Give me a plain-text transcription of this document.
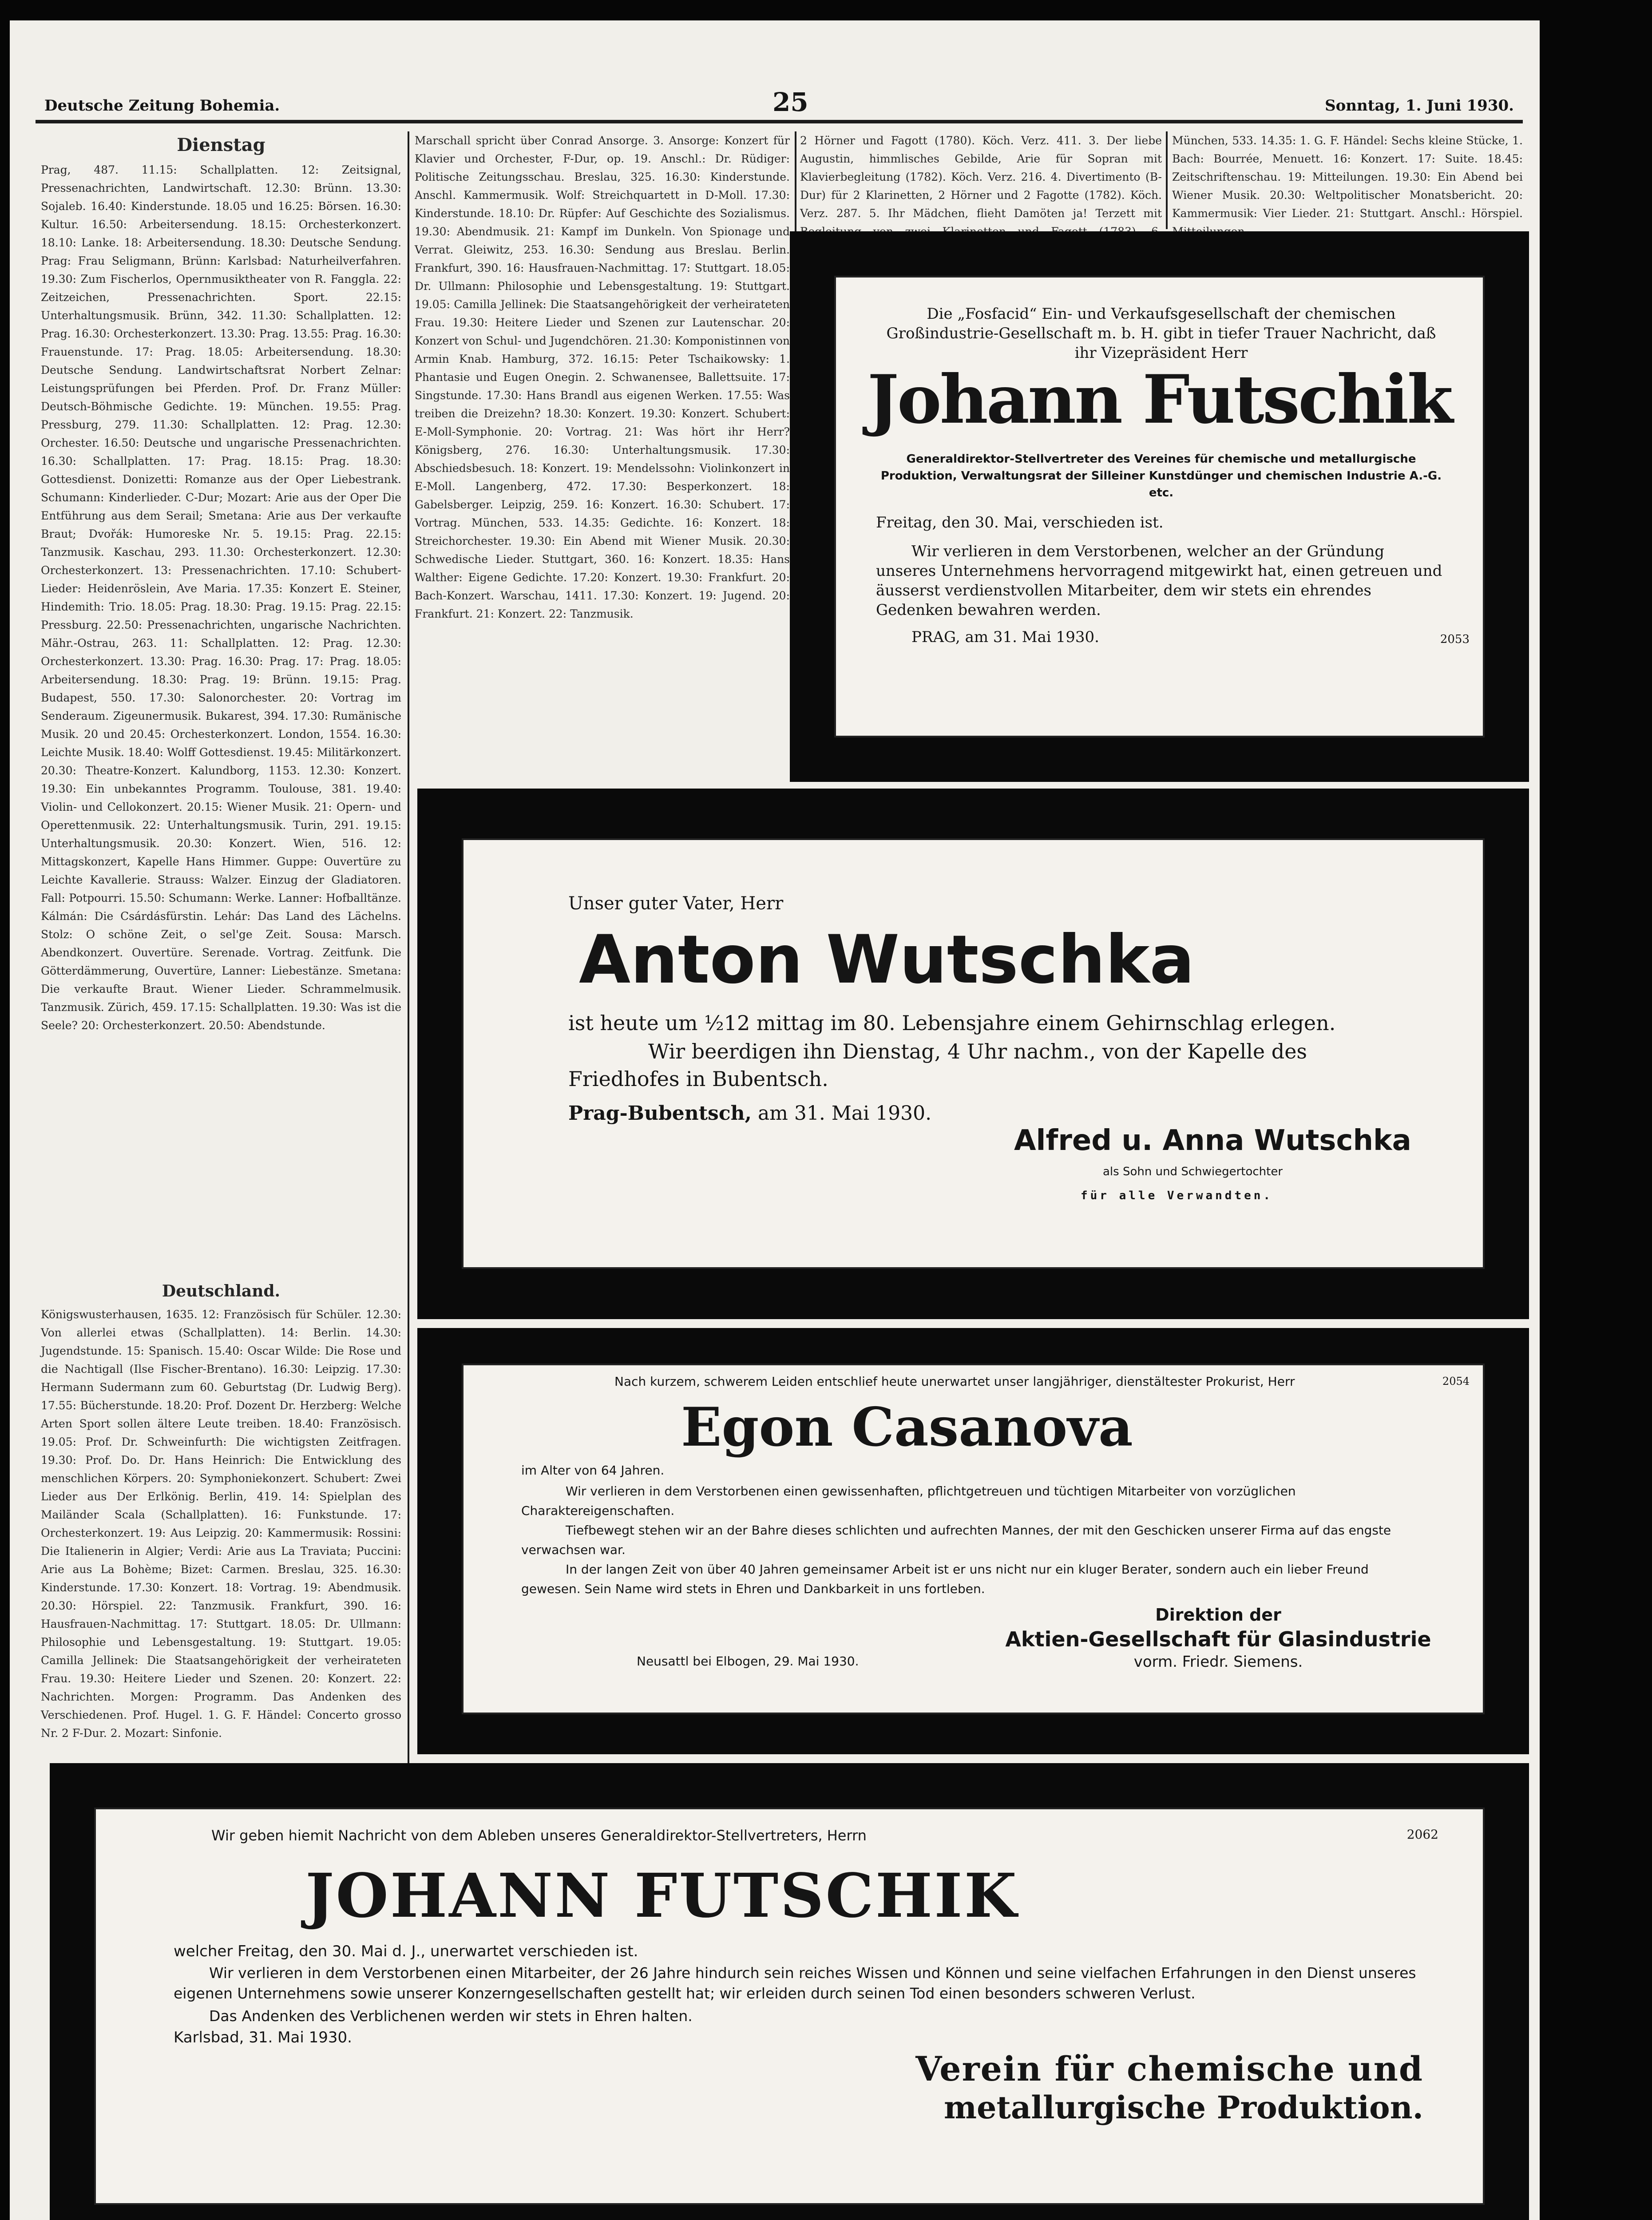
Deutsche Zeitung Bohemia.	25	Sonntag, 1. Juni 1930.
Dienstag
Prag, 487. 11.15: Schallplatten. 12: Zeitsignal, Pressenachrichten, Landwirtschaft. 12.30: Brünn. 13.30: Sojaleb. 16.40: Kinderstunde. 18.05 und 16.25: Börsen. 16.30: Kultur. 16.50: Arbeitersendung. 18.15: Orchesterkonzert. 18.10: Lanke. 18: Arbeitersendung. 18.30: Deutsche Sendung. Prag: Frau Seligmann, Brünn: Karlsbad: Naturheilverfahren. 19.30: Zum Fischerlos, Opernmusiktheater von R. Fanggla. 22: Zeitzeichen, Pressenachrichten. Sport. 22.15: Unterhaltungsmusik. Brünn, 342. 11.30: Schallplatten. 12: Prag. 16.30: Orchesterkonzert. 13.30: Prag. 13.55: Prag. 16.30: Frauenstunde. 17: Prag. 18.05: Arbeitersendung. 18.30: Deutsche Sendung. Landwirtschaftsrat Norbert Zelnar: Leistungsprüfungen bei Pferden. Prof. Dr. Franz Müller: Deutsch-Böhmische Gedichte. 19: München. 19.55: Prag. Pressburg, 279. 11.30: Schallplatten. 12: Prag. 12.30: Orchester. 16.50: Deutsche und ungarische Pressenachrichten. 16.30: Schallplatten. 17: Prag. 18.15: Prag. 18.30: Gottesdienst. Donizetti: Romanze aus der Oper Liebestrank. Schumann: Kinderlieder. C-Dur; Mozart: Arie aus der Oper Die Entführung aus dem Serail; Smetana: Arie aus Der verkaufte Braut; Dvořák: Humoreske Nr. 5. 19.15: Prag. 22.15: Tanzmusik. Kaschau, 293. 11.30: Orchesterkonzert. 12.30: Orchesterkonzert. 13: Pressenachrichten. 17.10: Schubert-Lieder: Heidenröslein, Ave Maria. 17.35: Konzert E. Steiner, Hindemith: Trio. 18.05: Prag. 18.30: Prag. 19.15: Prag. 22.15: Pressburg. 22.50: Pressenachrichten, ungarische Nachrichten. Mähr.-Ostrau, 263. 11: Schallplatten. 12: Prag. 12.30: Orchesterkonzert. 13.30: Prag. 16.30: Prag. 17: Prag. 18.05: Arbeitersendung. 18.30: Prag. 19: Brünn. 19.15: Prag. Budapest, 550. 17.30: Salonorchester. 20: Vortrag im Senderaum. Zigeunermusik. Bukarest, 394. 17.30: Rumänische Musik. 20 und 20.45: Orchesterkonzert. London, 1554. 16.30: Leichte Musik. 18.40: Wolff Gottesdienst. 19.45: Militärkonzert. 20.30: Theatre-Konzert. Kalundborg, 1153. 12.30: Konzert. 19.30: Ein unbekanntes Programm. Toulouse, 381. 19.40: Violin- und Cellokonzert. 20.15: Wiener Musik. 21: Opern- und Operettenmusik. 22: Unterhaltungsmusik. Turin, 291. 19.15: Unterhaltungsmusik. 20.30: Konzert. Wien, 516. 12: Mittagskonzert, Kapelle Hans Himmer. Guppe: Ouvertüre zu Leichte Kavallerie. Strauss: Walzer. Einzug der Gladiatoren. Fall: Potpourri. 15.50: Schumann: Werke. Lanner: Hofballtänze. Kálmán: Die Csárdásfürstin. Lehár: Das Land des Lächelns. Stolz: O schöne Zeit, o sel'ge Zeit. Sousa: Marsch. Abendkonzert. Ouvertüre. Serenade. Vortrag. Zeitfunk. Die Götterdämmerung, Ouvertüre, Lanner: Liebestänze. Smetana: Die verkaufte Braut. Wiener Lieder. Schrammelmusik. Tanzmusik. Zürich, 459. 17.15: Schallplatten. 19.30: Was ist die Seele? 20: Orchesterkonzert. 20.50: Abendstunde.
Deutschland.
Königswusterhausen, 1635. 12: Französisch für Schüler. 12.30: Von allerlei etwas (Schallplatten). 14: Berlin. 14.30: Jugendstunde. 15: Spanisch. 15.40: Oscar Wilde: Die Rose und die Nachtigall (Ilse Fischer-Brentano). 16.30: Leipzig. 17.30: Hermann Sudermann zum 60. Geburtstag (Dr. Ludwig Berg). 17.55: Bücherstunde. 18.20: Prof. Dozent Dr. Herzberg: Welche Arten Sport sollen ältere Leute treiben. 18.40: Französisch. 19.05: Prof. Dr. Schweinfurth: Die wichtigsten Zeitfragen. 19.30: Prof. Do. Dr. Hans Heinrich: Die Entwicklung des menschlichen Körpers. 20: Symphoniekonzert. Schubert: Zwei Lieder aus Der Erlkönig. Berlin, 419. 14: Spielplan des Mailänder Scala (Schallplatten). 16: Funkstunde. 17: Orchesterkonzert. 19: Aus Leipzig. 20: Kammermusik: Rossini: Die Italienerin in Algier; Verdi: Arie aus La Traviata; Puccini: Arie aus La Bohème; Bizet: Carmen. Breslau, 325. 16.30: Kinderstunde. 17.30: Konzert. 18: Vortrag. 19: Abendmusik. 20.30: Hörspiel. 22: Tanzmusik. Frankfurt, 390. 16: Hausfrauen-Nachmittag. 17: Stuttgart. 18.05: Dr. Ullmann: Philosophie und Lebensgestaltung. 19: Stuttgart. 19.05: Camilla Jellinek: Die Staatsangehörigkeit der verheirateten Frau. 19.30: Heitere Lieder und Szenen. 20: Konzert. 22: Nachrichten. Morgen: Programm. Das Andenken des Verschiedenen. Prof. Hugel. 1. G. F. Händel: Concerto grosso Nr. 2 F-Dur. 2. Mozart: Sinfonie.
Marschall spricht über Conrad Ansorge. 3. Ansorge: Konzert für Klavier und Orchester, F-Dur, op. 19. Anschl.: Dr. Rüdiger: Politische Zeitungsschau. Breslau, 325. 16.30: Kinderstunde. Anschl. Kammermusik. Wolf: Streichquartett in D-Moll. 17.30: Kinderstunde. 18.10: Dr. Rüpfer: Auf Geschichte des Sozialismus. 19.30: Abendmusik. 21: Kampf im Dunkeln. Von Spionage und Verrat. Gleiwitz, 253. 16.30: Sendung aus Breslau. Berlin. Frankfurt, 390. 16: Hausfrauen-Nachmittag. 17: Stuttgart. 18.05: Dr. Ullmann: Philosophie und Lebensgestaltung. 19: Stuttgart. 19.05: Camilla Jellinek: Die Staatsangehörigkeit der verheirateten Frau. 19.30: Heitere Lieder und Szenen zur Lautenschar. 20: Konzert von Schul- und Jugendchören. 21.30: Komponistinnen von Armin Knab. Hamburg, 372. 16.15: Peter Tschaikowsky: 1. Phantasie und Eugen Onegin. 2. Schwanensee, Ballettsuite. 17: Singstunde. 17.30: Hans Brandl aus eigenen Werken. 17.55: Was treiben die Dreizehn? 18.30: Konzert. 19.30: Konzert. Schubert: E-Moll-Symphonie. 20: Vortrag. 21: Was hört ihr Herr? Königsberg, 276. 16.30: Unterhaltungsmusik. 17.30: Abschiedsbesuch. 18: Konzert. 19: Mendelssohn: Violinkonzert in E-Moll. Langenberg, 472. 17.30: Besperkonzert. 18: Gabelsberger. Leipzig, 259. 16: Konzert. 16.30: Schubert. 17: Vortrag. München, 533. 14.35: Gedichte. 16: Konzert. 18: Streichorchester. 19.30: Ein Abend mit Wiener Musik. 20.30: Schwedische Lieder. Stuttgart, 360. 16: Konzert. 18.35: Hans Walther: Eigene Gedichte. 17.20: Konzert. 19.30: Frankfurt. 20: Bach-Konzert. Warschau, 1411. 17.30: Konzert. 19: Jugend. 20: Frankfurt. 21: Konzert. 22: Tanzmusik.
2 Hörner und Fagott (1780). Köch. Verz. 411. 3. Der liebe Augustin, himmlisches Gebilde, Arie für Sopran mit Klavierbegleitung (1782). Köch. Verz. 216. 4. Divertimento (B-Dur) für 2 Klarinetten, 2 Hörner und 2 Fagotte (1782). Köch. Verz. 287. 5. Ihr Mädchen, flieht Damöten ja! Terzett mit
München, 533. 14.35: 1. G. F. Händel: Sechs kleine Stücke, 1. Bach: Bourrée, Menuett. 16: Konzert. 17: Suite. 18.45: Zeitschriftenschau. 19: Mitteilungen. 19.30: Ein Abend bei Wiener Musik. 20.30: Weltpolitischer Monatsbericht. 20: Kammermusik: Vier Lieder. 21: Stuttgart. Anschl.: Hörspiel.
Die „Fosfacid“ Ein- und Verkaufsgesellschaft der chemischen Großindustrie-Gesellschaft m. b. H. gibt in tiefer Trauer Nachricht, daß ihr Vizepräsident Herr
Johann Futschik
Generaldirektor-Stellvertreter des Vereines für chemische und metallurgische Produktion, Verwaltungsrat der Silleiner Kunstdünger und chemischen Industrie A.-G. etc.
Freitag, den 30. Mai, verschieden ist.
Wir verlieren in dem Verstorbenen, welcher an der Gründung unseres Unternehmens hervorragend mitgewirkt hat, einen getreuen und äusserst verdienstvollen Mitarbeiter, dem wir stets ein ehrendes Gedenken bewahren werden.
PRAG, am 31. Mai 1930.	2053
Unser guter Vater, Herr
Anton Wutschka
ist heute um ½12 mittag im 80. Lebensjahre einem Gehirnschlag erlegen.
Wir beerdigen ihn Dienstag, 4 Uhr nachm., von der Kapelle des Friedhofes in Bubentsch.
Prag-Bubentsch, am 31. Mai 1930.
Alfred u. Anna Wutschka
als Sohn und Schwiegertochter
für alle Verwandten.
Nach kurzem, schwerem Leiden entschlief heute unerwartet unser langjähriger, dienstältester Prokurist, Herr	2054
Egon Casanova
im Alter von 64 Jahren.
Wir verlieren in dem Verstorbenen einen gewissenhaften, pflichtgetreuen und tüchtigen Mitarbeiter von vorzüglichen Charaktereigenschaften.
Tiefbewegt stehen wir an der Bahre dieses schlichten und aufrechten Mannes, der mit den Geschicken unserer Firma auf das engste verwachsen war.
In der langen Zeit von über 40 Jahren gemeinsamer Arbeit ist er uns nicht nur ein kluger Berater, sondern auch ein lieber Freund gewesen. Sein Name wird stets in Ehren und Dankbarkeit in uns fortleben.
Direktion der
Aktien-Gesellschaft für Glasindustrie
vorm. Friedr. Siemens.
Neusattl bei Elbogen, 29. Mai 1930.
Wir geben hiemit Nachricht von dem Ableben unseres Generaldirektor-Stellvertreters, Herrn	2062
JOHANN FUTSCHIK
welcher Freitag, den 30. Mai d. J., unerwartet verschieden ist.
Wir verlieren in dem Verstorbenen einen Mitarbeiter, der 26 Jahre hindurch sein reiches Wissen und Können und seine vielfachen Erfahrungen in den Dienst unseres eigenen Unternehmens sowie unserer Konzerngesellschaften gestellt hat; wir erleiden durch seinen Tod einen besonders schweren Verlust.
Das Andenken des Verblichenen werden wir stets in Ehren halten.
Karlsbad, 31. Mai 1930.
Verein für chemische und
metallurgische Produktion.
